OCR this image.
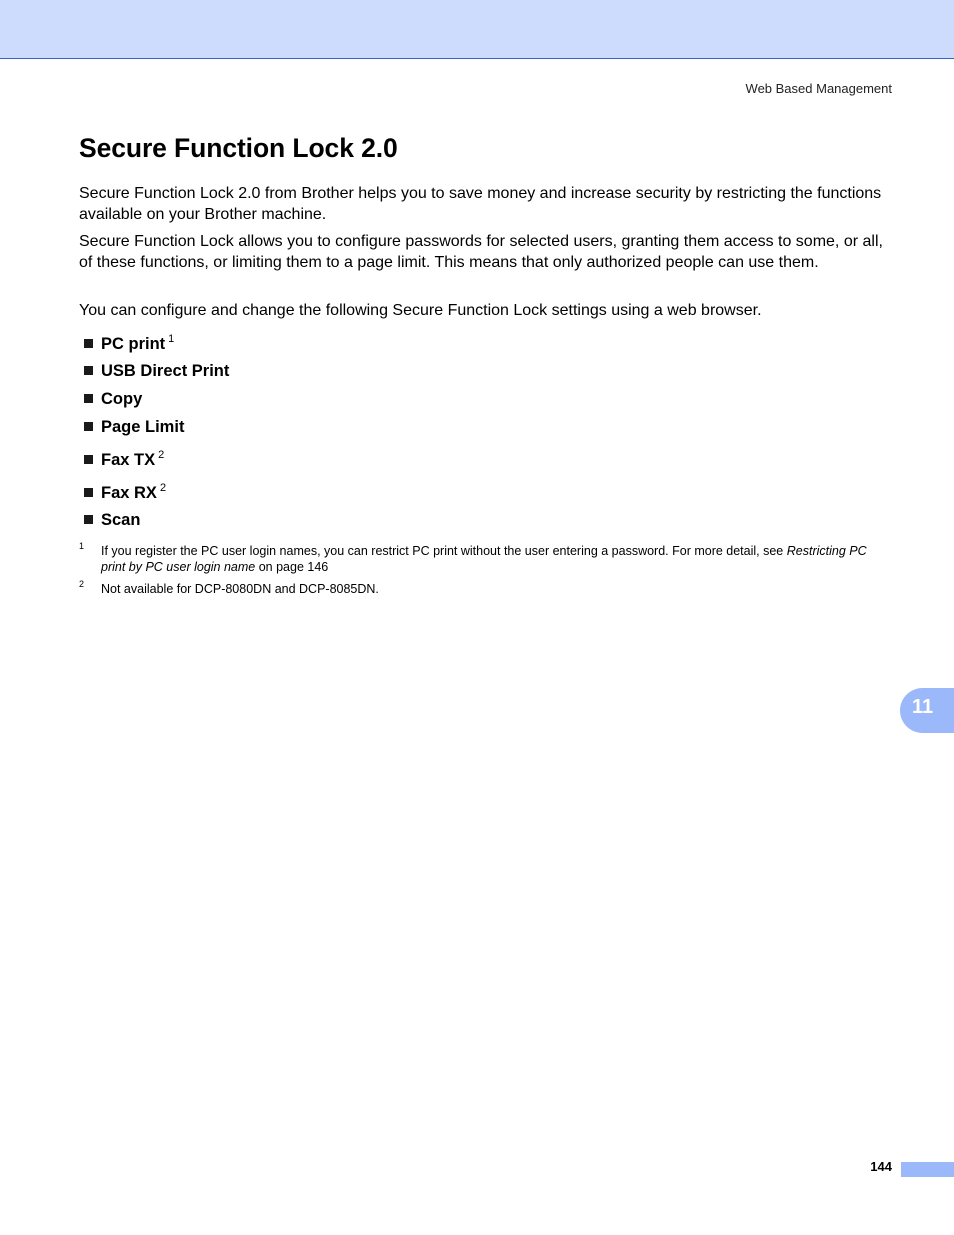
Web Based Management
Secure Function Lock 2.0

Secure Function Lock 2.0 from Brother helps you to save money and increase security by restricting the functions available on your Brother machine.

Secure Function Lock allows you to configure passwords for selected users, granting them access to some, or all, of these functions, or limiting them to a page limit. This means that only authorized people can use them.

You can configure and change the following Secure Function Lock settings using a web browser.

PC print $^1$
USB Direct Print
Copy
Page Limit
Fax TX $^2$
Fax RX $^2$
Scan
1 If you register the PC user login names, you can restrict PC print without the user entering a password. For more detail, see Restricting PC print by PC user login name on page 146
2 Not available for DCP-8080DN and DCP-8085DN.
11
144
